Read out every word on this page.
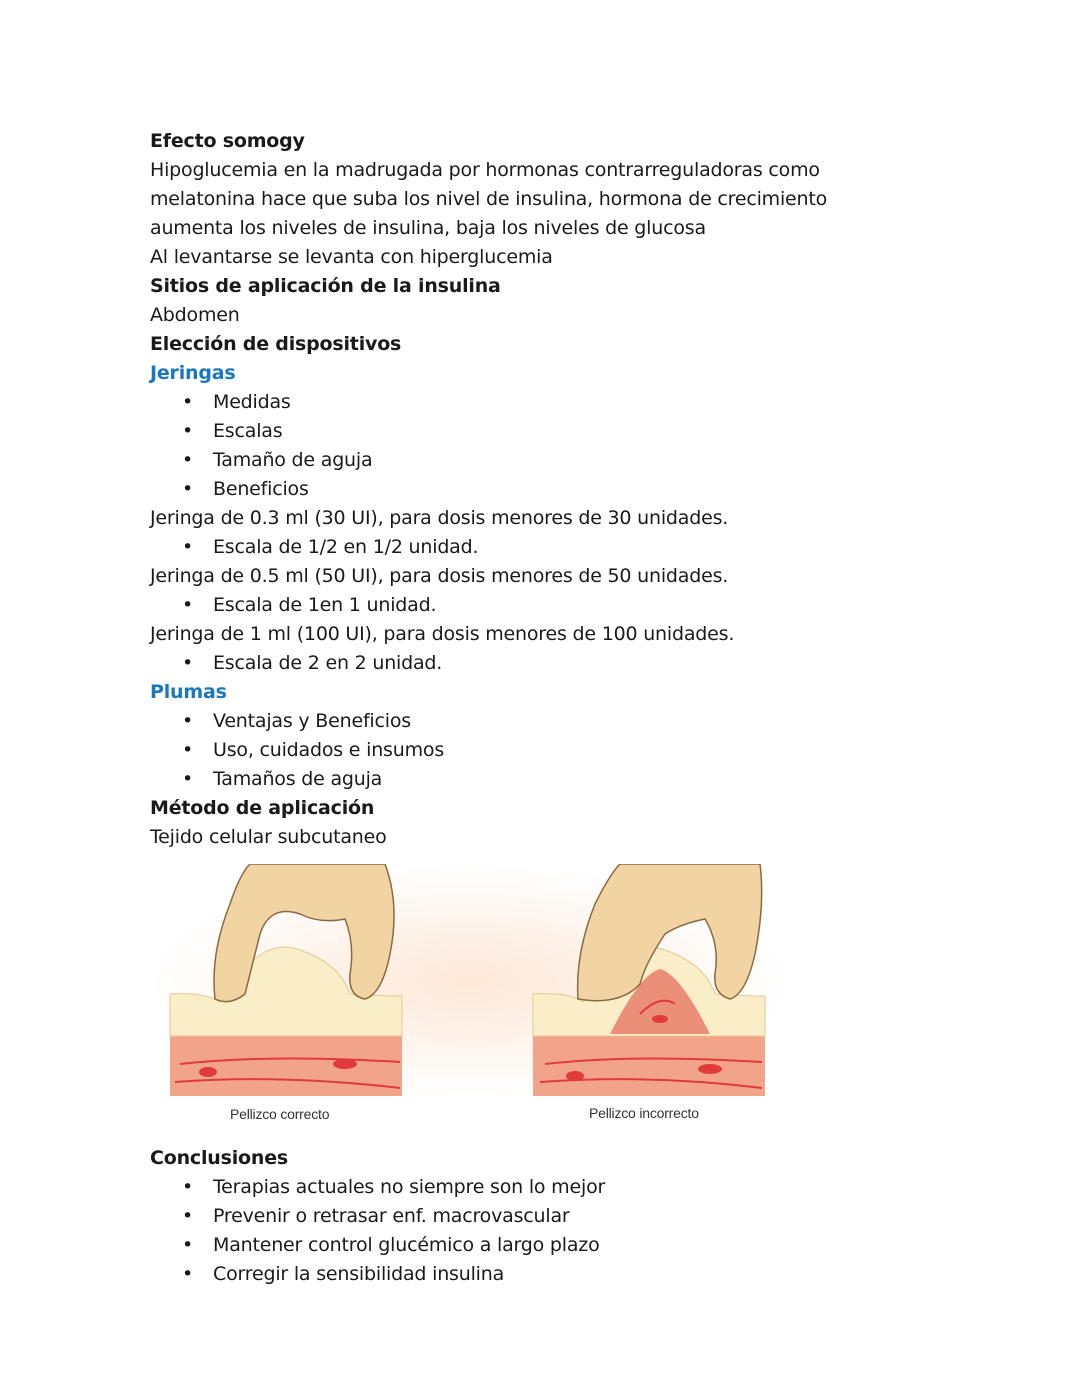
Efecto somogy
Hipoglucemia en la madrugada por hormonas contrarreguladoras como
melatonina hace que suba los nivel de insulina, hormona de crecimiento
aumenta los niveles de insulina, baja los niveles de glucosa
Al levantarse se levanta con hiperglucemia
Sitios de aplicación de la insulina
Abdomen
Elección de dispositivos
Jeringas
• Medidas
• Escalas
• Tamaño de aguja
• Beneficios
Jeringa de 0.3 ml (30 UI), para dosis menores de 30 unidades.
• Escala de 1/2 en 1/2 unidad.
Jeringa de 0.5 ml (50 UI), para dosis menores de 50 unidades.
• Escala de 1en 1 unidad.
Jeringa de 1 ml (100 UI), para dosis menores de 100 unidades.
• Escala de 2 en 2 unidad.
Plumas
• Ventajas y Beneficios
• Uso, cuidados e insumos
• Tamaños de aguja
Método de aplicación
Tejido celular subcutaneo
Pellizco correcto	Pellizco incorrecto
Conclusiones
• Terapias actuales no siempre son lo mejor
• Prevenir o retrasar enf. macrovascular
• Mantener control glucémico a largo plazo
• Corregir la sensibilidad insulina
